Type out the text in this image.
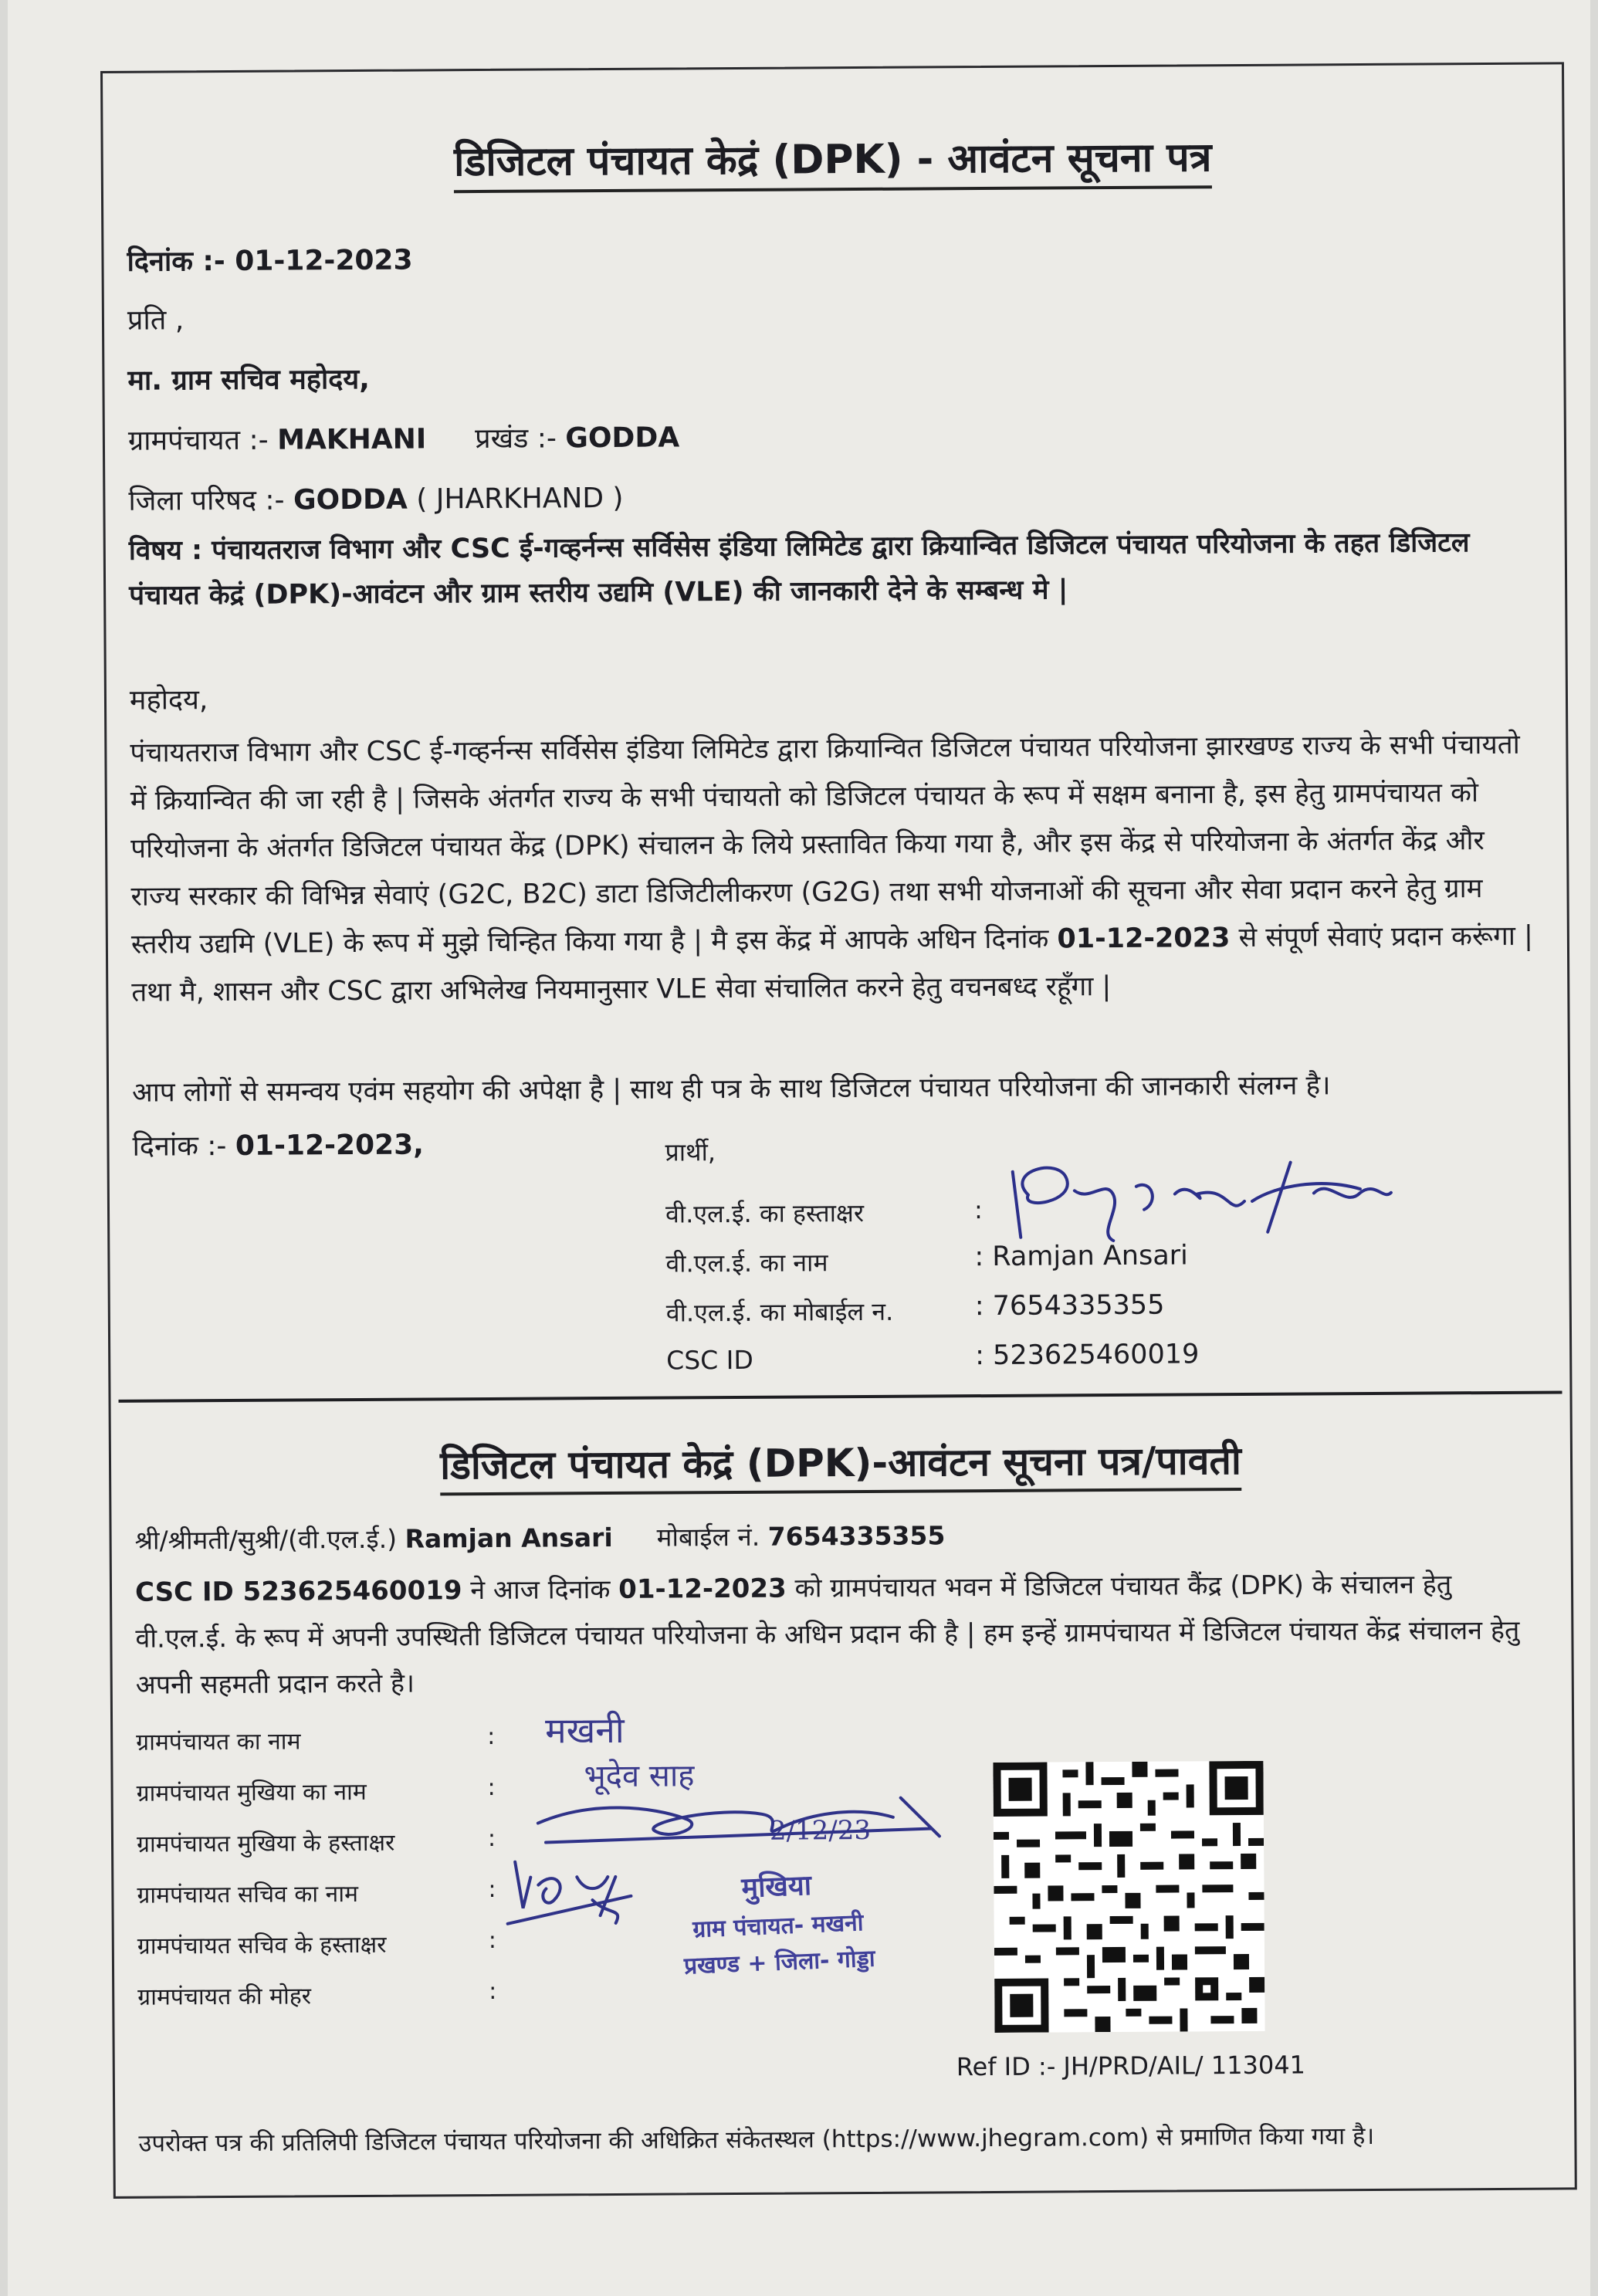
डिजिटल पंचायत केद्रं (DPK) - आवंटन सूचना पत्र
दिनांक :- 01-12-2023
प्रति ,
मा. ग्राम सचिव महोदय,
ग्रामपंचायत :- MAKHANI प्रखंड :- GODDA
जिला परिषद :- GODDA ( JHARKHAND )
विषय : पंचायतराज विभाग और CSC ई-गव्हर्नन्स सर्विसेस इंडिया लिमिटेड द्वारा क्रियान्वित डिजिटल पंचायत परियोजना के तहत डिजिटल पंचायत केद्रं (DPK)-आवंटन और ग्राम स्तरीय उद्यमि (VLE) की जानकारी देने के सम्बन्ध मे |
महोदय,
पंचायतराज विभाग और CSC ई-गव्हर्नन्स सर्विसेस इंडिया लिमिटेड द्वारा क्रियान्वित डिजिटल पंचायत परियोजना झारखण्ड राज्य के सभी पंचायतो में क्रियान्वित की जा रही है | जिसके अंतर्गत राज्य के सभी पंचायतो को डिजिटल पंचायत के रूप में सक्षम बनाना है, इस हेतु ग्रामपंचायत को परियोजना के अंतर्गत डिजिटल पंचायत केंद्र (DPK) संचालन के लिये प्रस्तावित किया गया है, और इस केंद्र से परियोजना के अंतर्गत केंद्र और राज्य सरकार की विभिन्न सेवाएं (G2C, B2C) डाटा डिजिटीलीकरण (G2G) तथा सभी योजनाओं की सूचना और सेवा प्रदान करने हेतु ग्राम स्तरीय उद्यमि (VLE) के रूप में मुझे चिन्हित किया गया है | मै इस केंद्र में आपके अधिन दिनांक 01-12-2023 से संपूर्ण सेवाएं प्रदान करूंगा | तथा मै, शासन और CSC द्वारा अभिलेख नियमानुसार VLE सेवा संचालित करने हेतु वचनबध्द रहूँगा |
आप लोगों से समन्वय एवंम सहयोग की अपेक्षा है | साथ ही पत्र के साथ डिजिटल पंचायत परियोजना की जानकारी संलग्न है।
दिनांक :- 01-12-2023,	प्रार्थी,
वी.एल.ई. का हस्ताक्षर	:
वी.एल.ई. का नाम
वी.एल.ई. का मोबाईल न.
CSC ID
: Ramjan Ansari
: 7654335355
: 523625460019
डिजिटल पंचायत केद्रं (DPK)-आवंटन सूचना पत्र/पावती
श्री/श्रीमती/सुश्री/(वी.एल.ई.) Ramjan Ansari मोबाईल नं. 7654335355
CSC ID 523625460019 ने आज दिनांक 01-12-2023 को ग्रामपंचायत भवन में डिजिटल पंचायत कैंद्र (DPK) के संचालन हेतु वी.एल.ई. के रूप में अपनी उपस्थिती डिजिटल पंचायत परियोजना के अधिन प्रदान की है | हम इन्हें ग्रामपंचायत में डिजिटल पंचायत केंद्र संचालन हेतु अपनी सहमती प्रदान करते है।
ग्रामपंचायत का नाम
ग्रामपंचायत मुखिया का नाम
ग्रामपंचायत मुखिया के हस्ताक्षर
ग्रामपंचायत सचिव का नाम
ग्रामपंचायत सचिव के हस्ताक्षर
ग्रामपंचायत की मोहर
:
:
:
:
:
:
मखनी
भूदेव साह
2/12/23
मुखिया
ग्राम पंचायत- मखनी
प्रखण्ड + जिला- गोड्डा
Ref ID :- JH/PRD/AIL/ 113041
उपरोक्त पत्र की प्रतिलिपी डिजिटल पंचायत परियोजना की अधिक्रित संकेतस्थल (https://www.jhegram.com) से प्रमाणित किया गया है।
